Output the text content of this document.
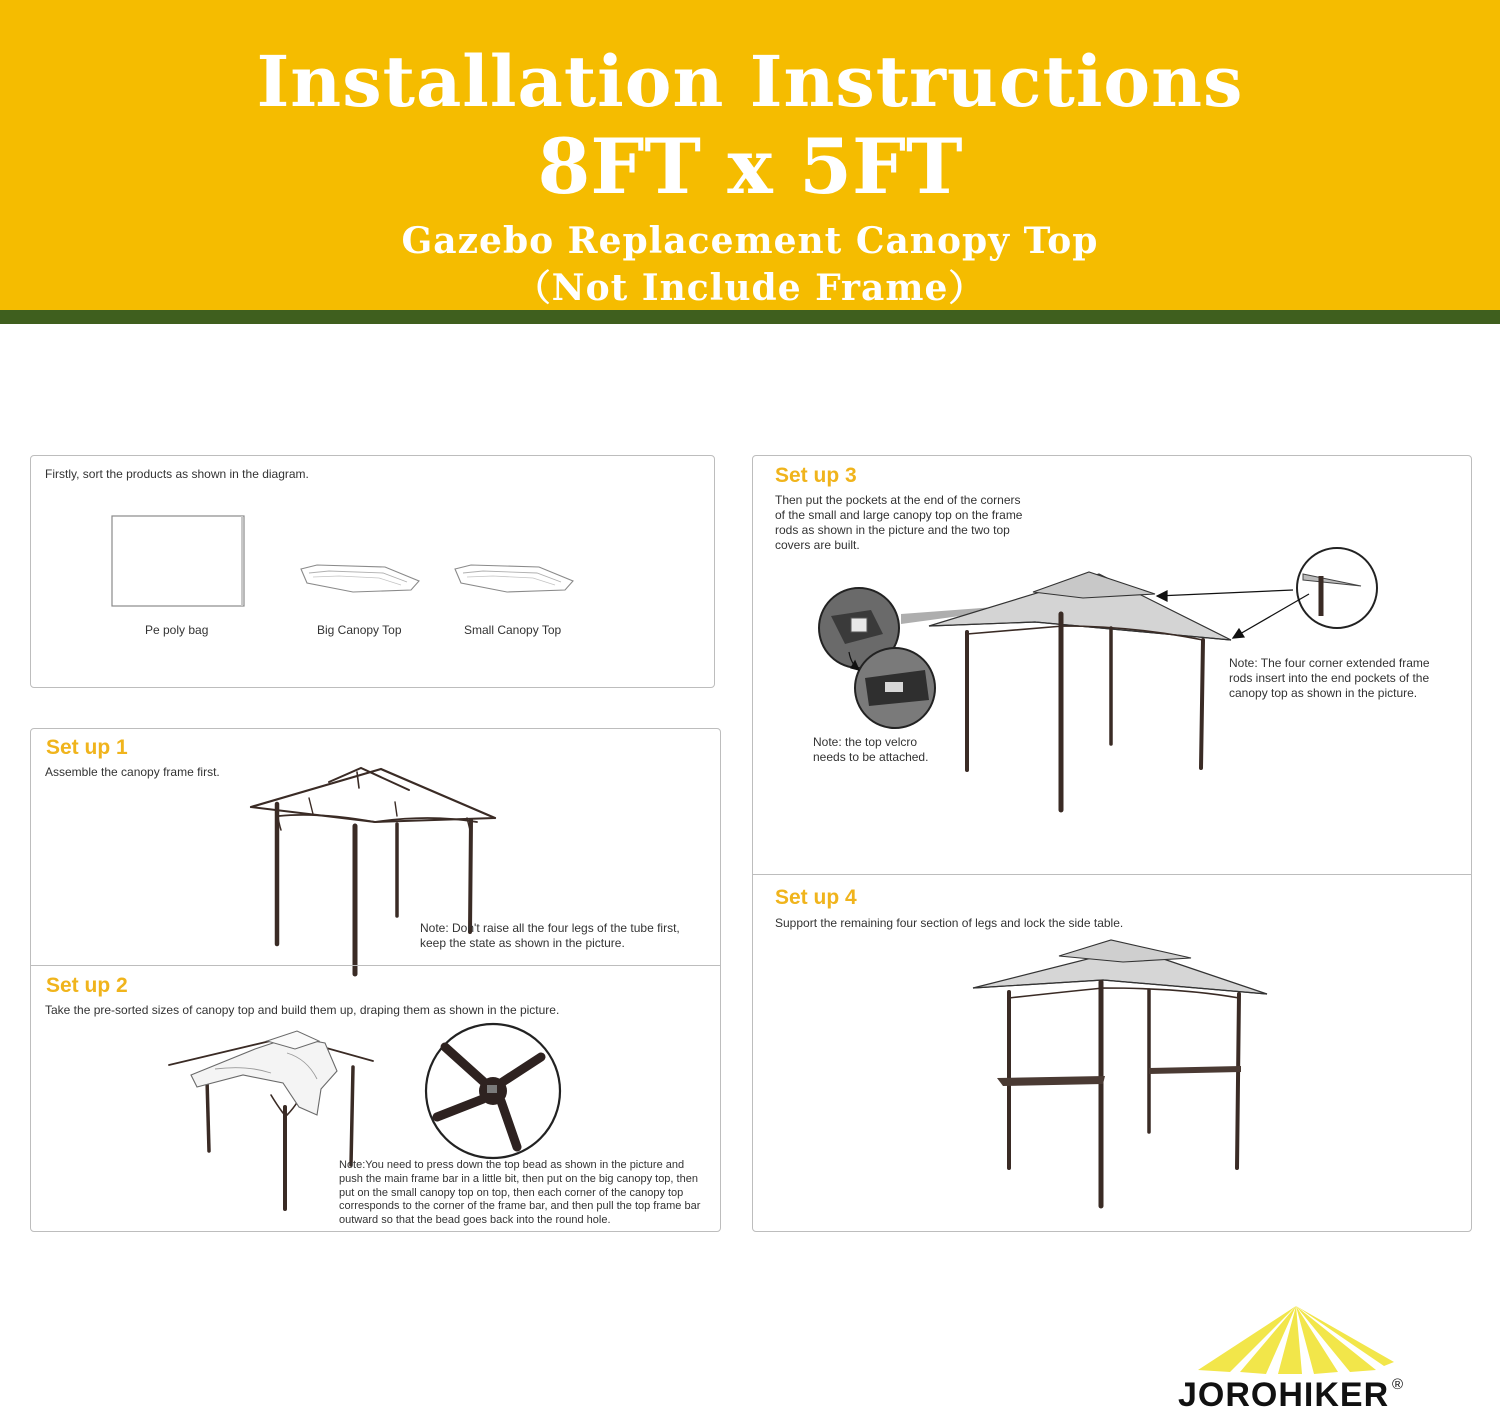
Installation Instructions
8FT x 5FT
Gazebo Replacement Canopy Top
（Not Include Frame）
Firstly, sort the products as shown in the diagram.
Pe poly bag	Big Canopy Top	Small Canopy Top
Set up 1
Assemble the canopy frame first.
Note: Don't raise all the four legs of the tube first,
keep the state as shown in the picture.
Set up 2
Take the pre-sorted sizes of canopy top and build them up, draping them as shown in the picture.
Note:You need to press down the top bead as shown in the picture and
push the main frame bar in a little bit, then put on the big canopy top, then
put on the small canopy top on top, then each corner of the canopy top
corresponds to the corner of the frame bar, and then pull the top frame bar
outward so that the bead goes back into the round hole.
Set up 3
Then put the pockets at the end of the corners
of the small and large canopy top on the frame
rods as shown in the picture and the two top
covers are built.
Note: The four corner extended frame
rods insert into the end pockets of the
canopy top as shown in the picture.
Note: the top velcro
needs to be attached.
Set up 4
Support the remaining four section of legs and lock the side table.
JOROHIKER ®
